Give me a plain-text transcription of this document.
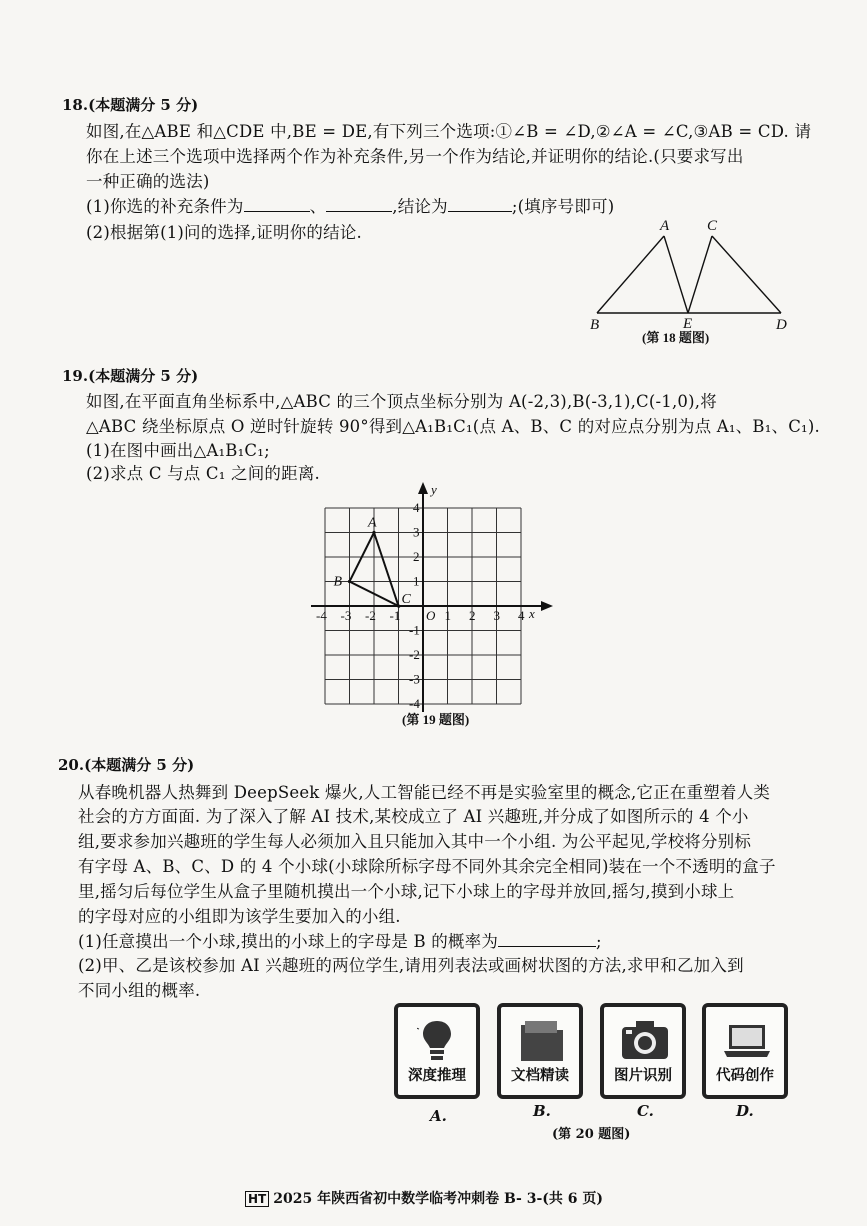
18.(本题满分 5 分)
如图,在△ABE 和△CDE 中,BE = DE,有下列三个选项:①∠B = ∠D,②∠A = ∠C,③AB = CD. 请
你在上述三个选项中选择两个作为补充条件,另一个作为结论,并证明你的结论.(只要求写出
一种正确的选法)
(1)你选的补充条件为	、	,结论为	;(填序号即可)
(2)根据第(1)问的选择,证明你的结论.	A	C
B	E	D
(第 18 题图)
19.(本题满分 5 分)
如图,在平面直角坐标系中,△ABC 的三个顶点坐标分别为 A(-2,3),B(-3,1),C(-1,0),将
△ABC 绕坐标原点 O 逆时针旋转 90°得到△A₁B₁C₁(点 A、B、C 的对应点分别为点 A₁、B₁、C₁).
(1)在图中画出△A₁B₁C₁;
(2)求点 C 与点 C₁ 之间的距离.
x
y
O
-4 -3 -2 -1	1 2 3 4
4
3
2
1
-1
-2
-3
-4
A
B
C
(第 19 题图)
20.(本题满分 5 分)
从春晚机器人热舞到 DeepSeek 爆火,人工智能已经不再是实验室里的概念,它正在重塑着人类
社会的方方面面. 为了深入了解 AI 技术,某校成立了 AI 兴趣班,并分成了如图所示的 4 个小
组,要求参加兴趣班的学生每人必须加入且只能加入其中一个小组. 为公平起见,学校将分别标
有字母 A、B、C、D 的 4 个小球(小球除所标字母不同外其余完全相同)装在一个不透明的盒子
里,摇匀后每位学生从盒子里随机摸出一个小球,记下小球上的字母并放回,摇匀,摸到小球上
的字母对应的小组即为该学生要加入的小组.
(1)任意摸出一个小球,摸出的小球上的字母是 B 的概率为	;
(2)甲、乙是该校参加 AI 兴趣班的两位学生,请用列表法或画树状图的方法,求甲和乙加入到
不同小组的概率.
深度推理	文档精读	图片识别	代码创作
A.	B.	C.	D.
(第 20 题图)
HT 2025 年陕西省初中数学临考冲刺卷 B- 3-(共 6 页)
